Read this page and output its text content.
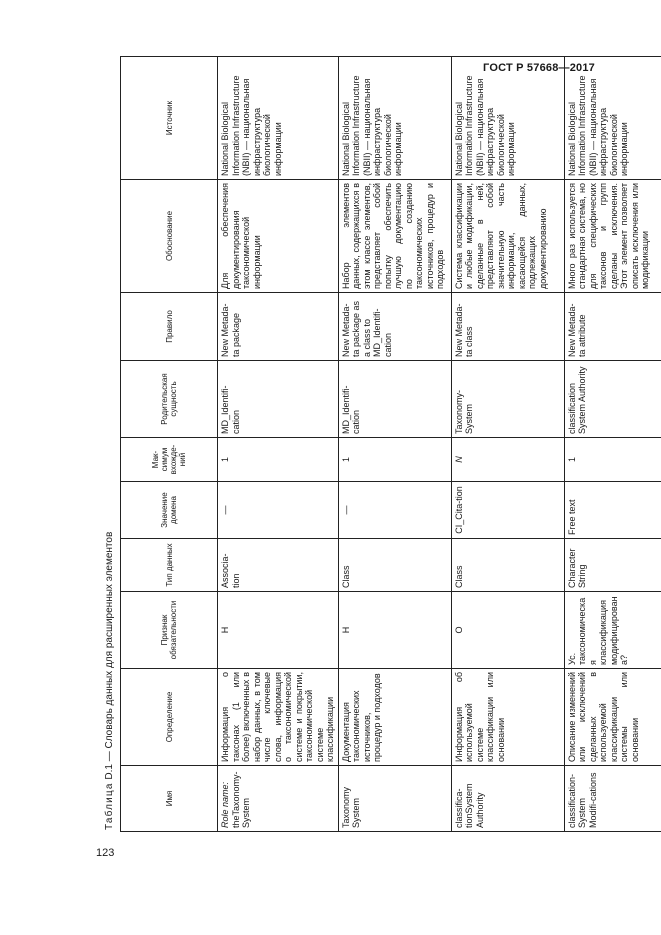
ГОСТ Р 57668—2017
Таблица D.1 — Словарь данных для расширенных элементов
Имя	Определение	Признак обязательности	Тип данных	Значение домена	Мак-симум вхожде-ний	Родительская сущность	Правило	Обоснование	Источник
Role name: theTaxonomy-System	Информация о таксонах (1 или более) включенных в набор данных, в том числе ключевые слова, информация о таксономической системе и покрытии, таксономической системе классификации	Н	Associa-tion	—	1	MD_Identifi-cation	New Metada-ta package	Для обеспечения документирования таксономической информации	National Biological Information Infrastructure (NBII) — национальная инфраструктура биологической информации
Taxonomy System	Документация таксономических источников, процедур и подходов	Н	Class	—	1	MD_Identifi-cation	New Metada-ta package as a class to MD_Identifi-cation	Набор элементов данных, содержащихся в этом классе элементов, представляет собой попытку обеспечить лучшую документацию по созданию таксономических источников, процедур и подходов	National Biological Information Infrastructure (NBII) — национальная инфраструктура биологической информации
classifica-tionSystem Authority	Информация об используемой системе классификации или основании	О	Class	CI_Cita-tion	N	Taxonomy-System	New Metada-ta class	Система классификации и любые модификации, сделанные в ней, представляют собой значительную часть информации, касающейся данных, подлежащих документированию	National Biological Information Infrastructure (NBII) — национальная инфраструктура биологической информации
classification-System Modifi-cations	Описание изменений или исключений сделанных в используемой классификации системы или основании	Ус. таксономическая классификация модифицирована?	Character String	Free text	1	classification System Authority	New Metada-ta attribute	Много раз используется стандартная система, но для специфических таксонов и групп сделаны исключения. Этот элемент позволяет описать исключения или модификации	National Biological Information Infrastructure (NBII) — национальная инфраструктура биологической информации
123
